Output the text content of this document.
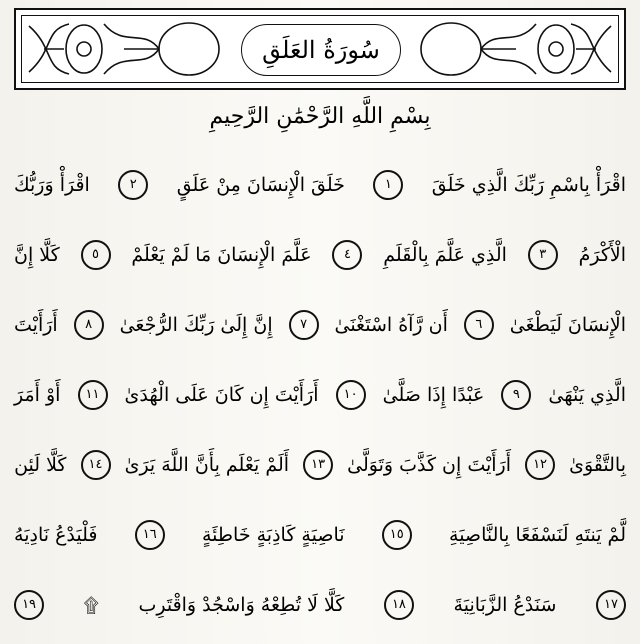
سُورَةُ العَلَقِ
بِسْمِ اللَّهِ الرَّحْمَٰنِ الرَّحِيمِ
اقْرَأْ بِاسْمِ رَبِّكَ الَّذِي خَلَقَ
١
خَلَقَ الْإِنسَانَ مِنْ عَلَقٍ
٢
اقْرَأْ وَرَبُّكَ
الْأَكْرَمُ
٣
الَّذِي عَلَّمَ بِالْقَلَمِ
٤
عَلَّمَ الْإِنسَانَ مَا لَمْ يَعْلَمْ
٥
كَلَّا إِنَّ
الْإِنسَانَ لَيَطْغَىٰ
٦
أَن رَّآهُ اسْتَغْنَىٰ
٧
إِنَّ إِلَىٰ رَبِّكَ الرُّجْعَىٰ
٨
أَرَأَيْتَ
الَّذِي يَنْهَىٰ
٩
عَبْدًا إِذَا صَلَّىٰ
١٠
أَرَأَيْتَ إِن كَانَ عَلَى الْهُدَىٰ
١١
أَوْ أَمَرَ
بِالتَّقْوَىٰ
١٢
أَرَأَيْتَ إِن كَذَّبَ وَتَوَلَّىٰ
١٣
أَلَمْ يَعْلَم بِأَنَّ اللَّهَ يَرَىٰ
١٤
كَلَّا لَئِن
لَّمْ يَنتَهِ لَنَسْفَعًا بِالنَّاصِيَةِ
١٥
نَاصِيَةٍ كَاذِبَةٍ خَاطِئَةٍ
١٦
فَلْيَدْعُ نَادِيَهُ
١٧
سَنَدْعُ الزَّبَانِيَةَ
١٨
كَلَّا لَا تُطِعْهُ وَاسْجُدْ وَاقْتَرِب
۩
١٩
